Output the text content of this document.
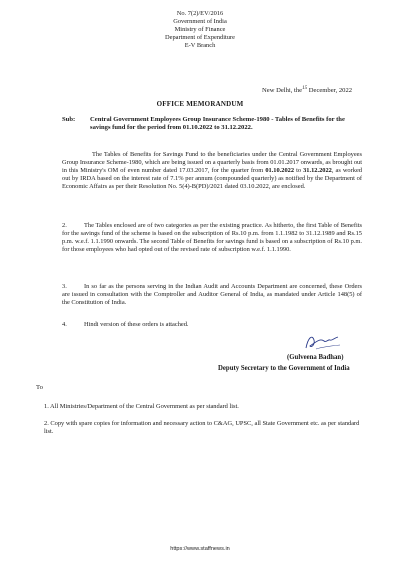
No. 7(2)/EV/2016
Government of India
Ministry of Finance
Department of Expenditure
E-V Branch
New Delhi, the$^{15}$ December, 2022
OFFICE MEMORANDUM
Sub: Central Government Employees Group Insurance Scheme-1980 - Tables of Benefits for the savings fund for the period from 01.10.2022 to 31.12.2022.
The Tables of Benefits for Savings Fund to the beneficiaries under the Central Government Employees Group Insurance Scheme-1980, which are being issued on a quarterly basis from 01.01.2017 onwards, as brought out in this Ministry's OM of even number dated 17.03.2017, for the quarter from 01.10.2022 to 31.12.2022, as worked out by IRDA based on the interest rate of 7.1% per annum (compounded quarterly) as notified by the Department of Economic Affairs as per their Resolution No. 5(4)-B(PD)/2021 dated 03.10.2022, are enclosed.
2.	The Tables enclosed are of two categories as per the existing practice. As hitherto, the first Table of Benefits for the savings fund of the scheme is based on the subscription of Rs.10 p.m. from 1.1.1982 to 31.12.1989 and Rs.15 p.m. w.e.f. 1.1.1990 onwards. The second Table of Benefits for savings fund is based on a subscription of Rs.10 p.m. for those employees who had opted out of the revised rate of subscription w.e.f. 1.1.1990.
3.	In so far as the persons serving in the Indian Audit and Accounts Department are concerned, these Orders are issued in consultation with the Comptroller and Auditor General of India, as mandated under Article 148(5) of the Constitution of India.
4.	Hindi version of these orders is attached.
(Gulveena Badhan)
Deputy Secretary to the Government of India
To
1. All Ministries/Department of the Central Government as per standard list.
2. Copy with spare copies for information and necessary action to C&AG, UPSC, all State Government etc. as per standard list.
https://www.staffnews.in
